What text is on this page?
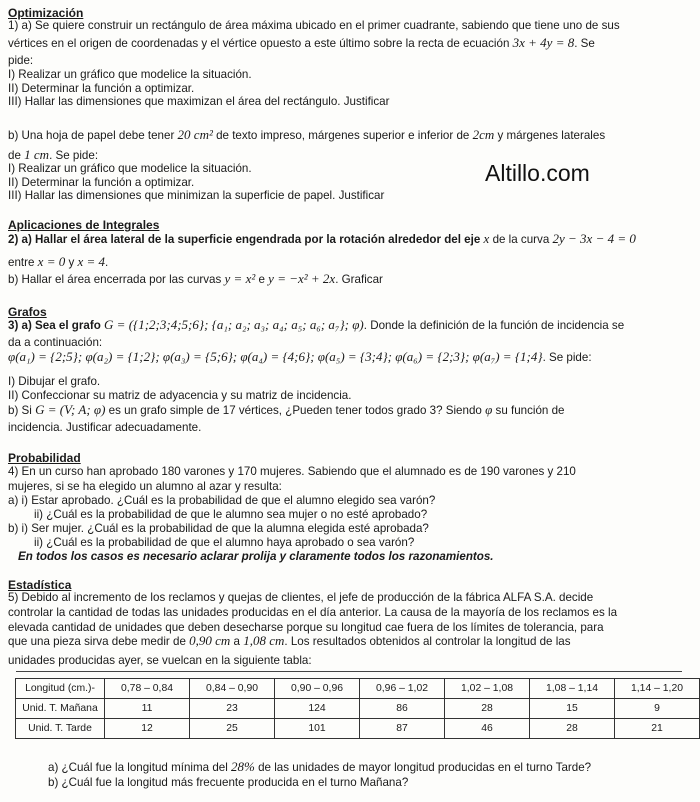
Altillo.com
Optimización
1) a) Se quiere construir un rectángulo de área máxima ubicado en el primer cuadrante, sabiendo que tiene uno de sus
vértices en el origen de coordenadas y el vértice opuesto a este último sobre la recta de ecuación 3x + 4y = 8. Se
pide:
I) Realizar un gráfico que modelice la situación.
II) Determinar la función a optimizar.
III) Hallar las dimensiones que maximizan el área del rectángulo. Justificar
b) Una hoja de papel debe tener 20 cm² de texto impreso, márgenes superior e inferior de 2cm y márgenes laterales
de 1 cm. Se pide:
I) Realizar un gráfico que modelice la situación.
II) Determinar la función a optimizar.
III) Hallar las dimensiones que minimizan la superficie de papel. Justificar
Aplicaciones de Integrales
2) a) Hallar el área lateral de la superficie engendrada por la rotación alrededor del eje x de la curva 2y − 3x − 4 = 0
entre x = 0 y x = 4.
b) Hallar el área encerrada por las curvas y = x² e y = −x² + 2x. Graficar
Grafos
3) a) Sea el grafo G = ({1;2;3;4;5;6}; {a₁; a₂; a₃; a₄; a₅; a₆; a₇}; φ). Donde la definición de la función de incidencia se
da a continuación:
φ(a₁) = {2;5}; φ(a₂) = {1;2}; φ(a₃) = {5;6}; φ(a₄) = {4;6}; φ(a₅) = {3;4}; φ(a₆) = {2;3}; φ(a₇) = {1;4}. Se pide:
I) Dibujar el grafo.
II) Confeccionar su matriz de adyacencia y su matriz de incidencia.
b) Si G = (V; A; φ) es un grafo simple de 17 vértices, ¿Pueden tener todos grado 3? Siendo φ su función de
incidencia. Justificar adecuadamente.
Probabilidad
4) En un curso han aprobado 180 varones y 170 mujeres. Sabiendo que el alumnado es de 190 varones y 210
mujeres, si se ha elegido un alumno al azar y resulta:
a) i) Estar aprobado. ¿Cuál es la probabilidad de que el alumno elegido sea varón?
ii) ¿Cuál es la probabilidad de que le alumno sea mujer o no esté aprobado?
b) i) Ser mujer. ¿Cuál es la probabilidad de que la alumna elegida esté aprobada?
ii) ¿Cuál es la probabilidad de que el alumno haya aprobado o sea varón?
En todos los casos es necesario aclarar prolija y claramente todos los razonamientos.
Estadística
5) Debido al incremento de los reclamos y quejas de clientes, el jefe de producción de la fábrica ALFA S.A. decide
controlar la cantidad de todas las unidades producidas en el día anterior. La causa de la mayoría de los reclamos es la
elevada cantidad de unidades que deben desecharse porque su longitud cae fuera de los límites de tolerancia, para
que una pieza sirva debe medir de 0,90 cm a 1,08 cm. Los resultados obtenidos al controlar la longitud de las
unidades producidas ayer, se vuelcan en la siguiente tabla:
Longitud (cm.)-	0,78 – 0,84	0,84 – 0,90	0,90 – 0,96	0,96 – 1,02	1,02 – 1,08	1,08 – 1,14	1,14 – 1,20
Unid. T. Mañana	11	23	124	86	28	15	9
Unid. T. Tarde	12	25	101	87	46	28	21
a) ¿Cuál fue la longitud mínima del 28% de las unidades de mayor longitud producidas en el turno Tarde?
b) ¿Cuál fue la longitud más frecuente producida en el turno Mañana?
